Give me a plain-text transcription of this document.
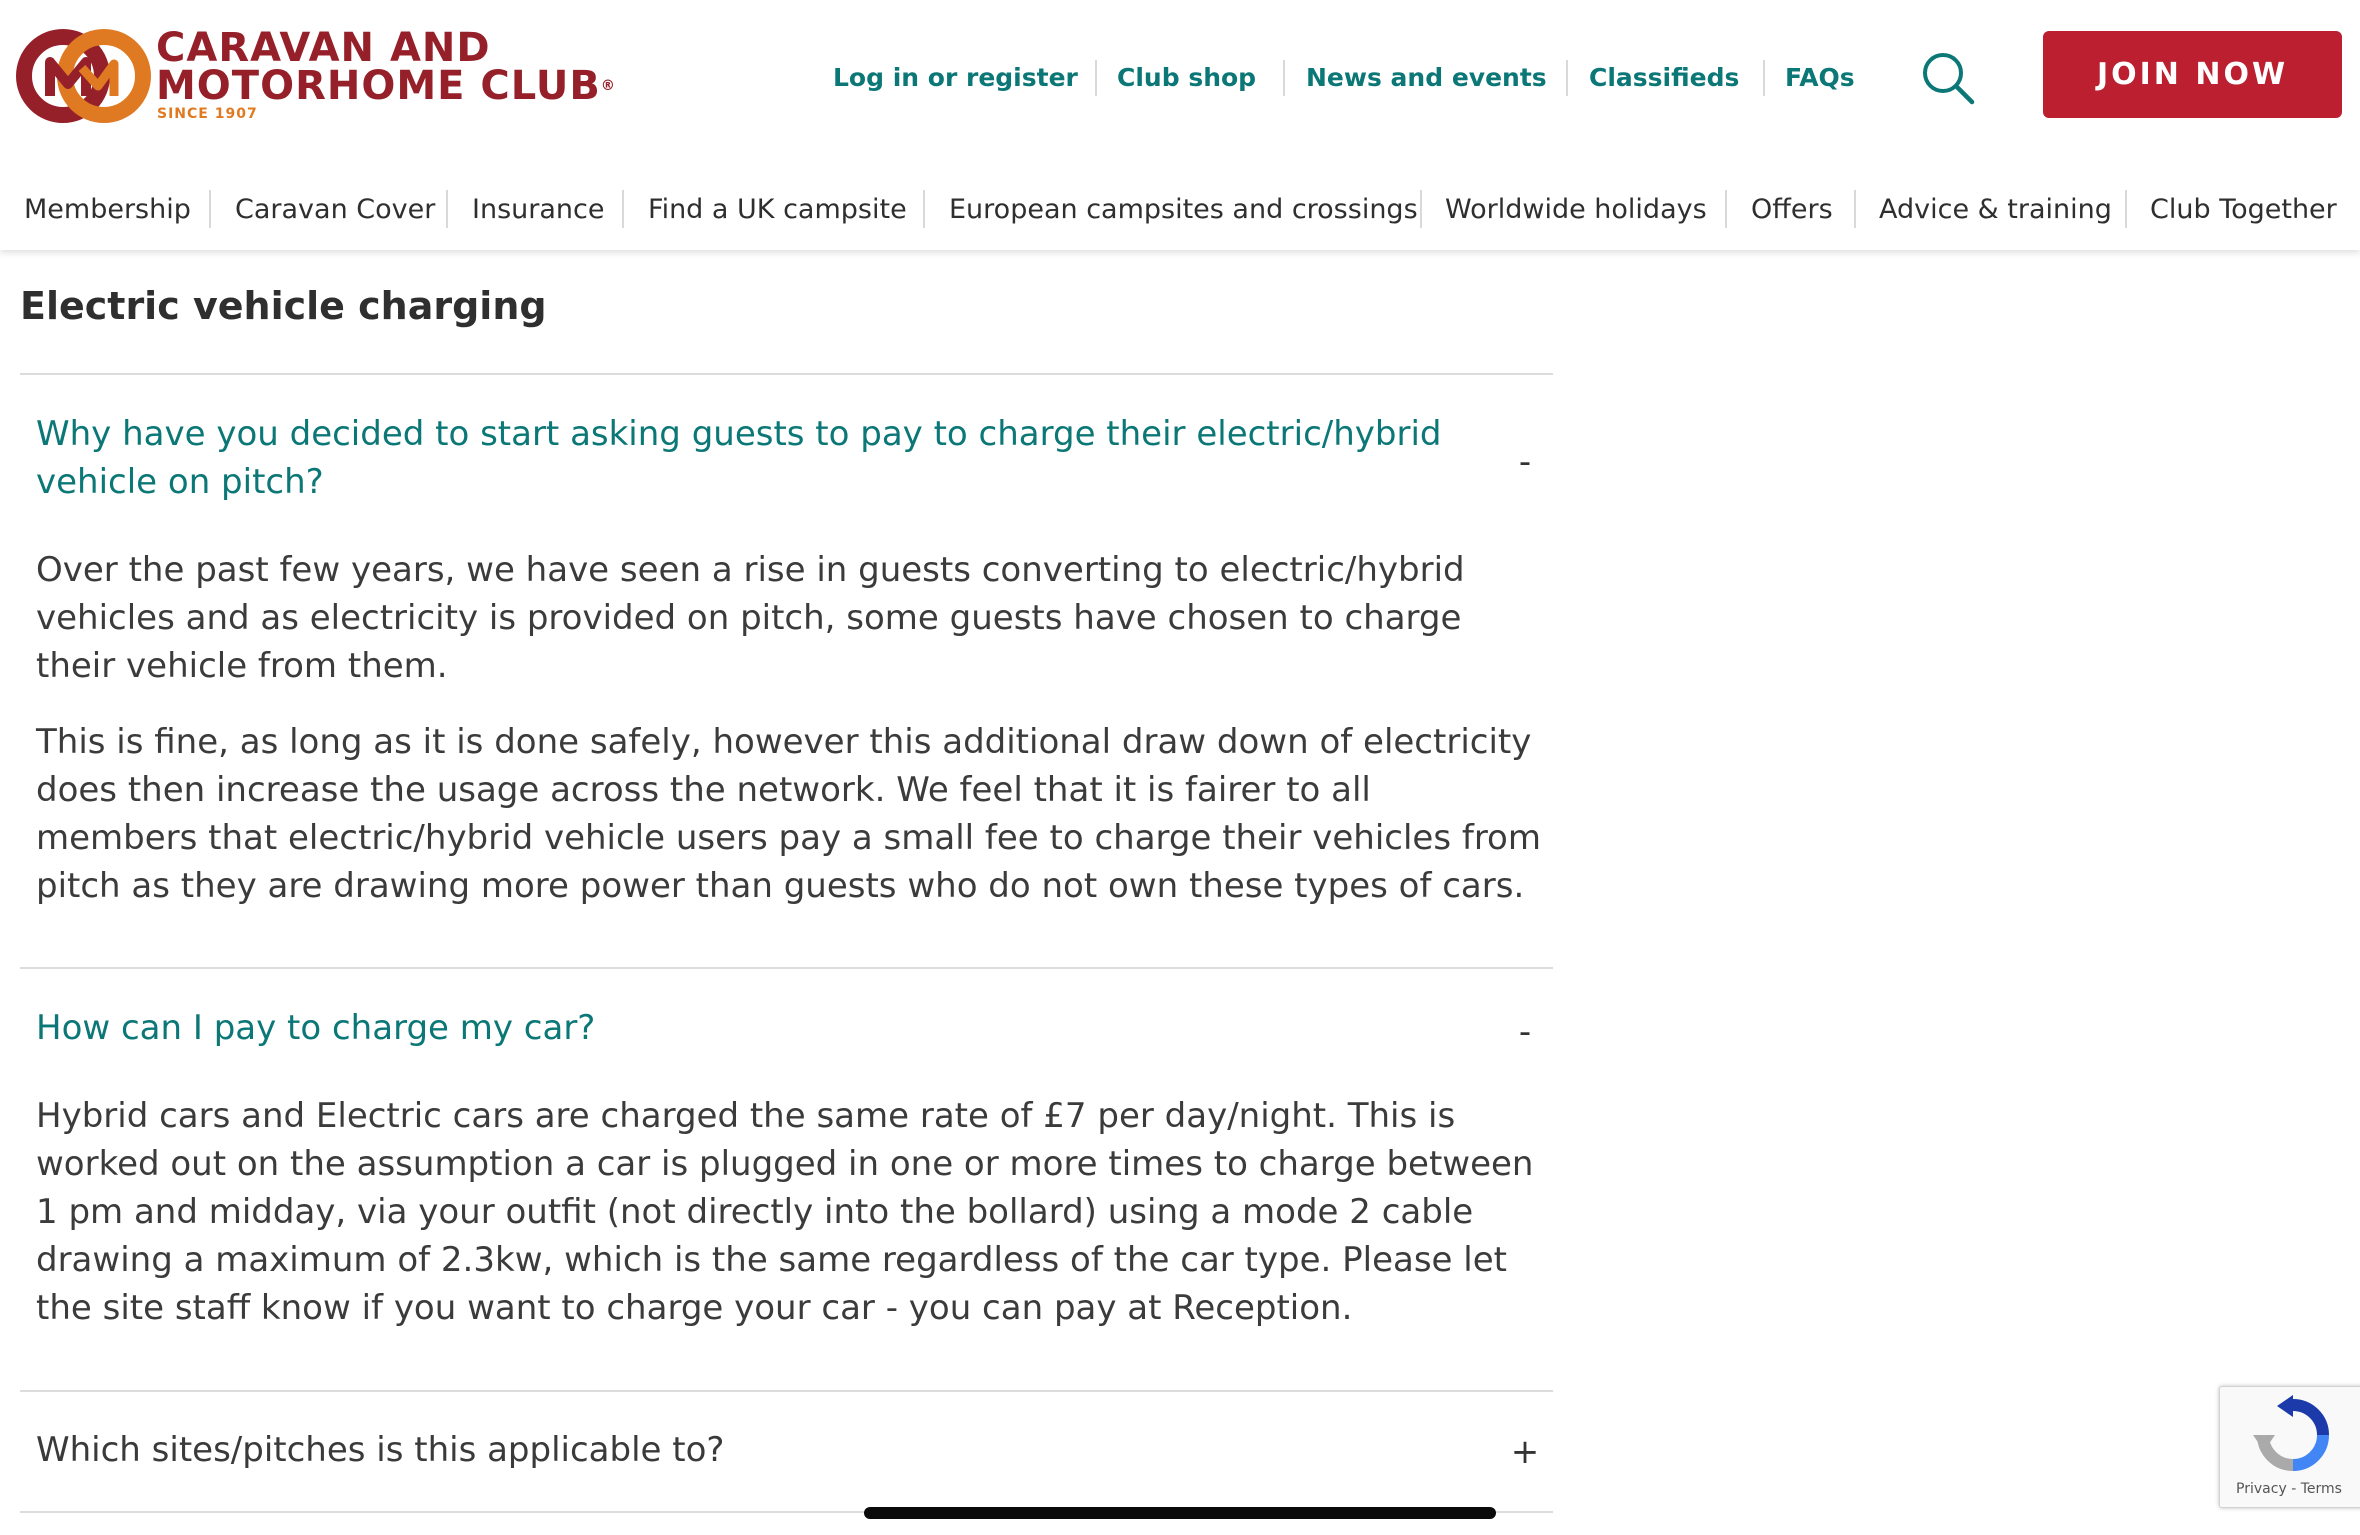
CARAVAN AND
MOTORHOME CLUB®
SINCE 1907
Log in or register Club shop News and events Classifieds FAQs	JOIN NOW
Membership Caravan Cover Insurance Find a UK campsite European campsites and crossings Worldwide holidays Offers Advice & training Club Together
Electric vehicle charging
Why have you decided to start asking guests to pay to charge their electric/hybrid vehicle on pitch?	-

Over the past few years, we have seen a rise in guests converting to electric/hybrid vehicles and as electricity is provided on pitch, some guests have chosen to charge their vehicle from them.

This is fine, as long as it is done safely, however this additional draw down of electricity does then increase the usage across the network. We feel that it is fairer to all members that electric/hybrid vehicle users pay a small fee to charge their vehicles from pitch as they are drawing more power than guests who do not own these types of cars.

How can I pay to charge my car?	-

Hybrid cars and Electric cars are charged the same rate of £7 per day/night. This is worked out on the assumption a car is plugged in one or more times to charge between 1 pm and midday, via your outfit (not directly into the bollard) using a mode 2 cable drawing a maximum of 2.3kw, which is the same regardless of the car type. Please let the site staff know if you want to charge your car - you can pay at Reception.

Which sites/pitches is this applicable to?	+
Privacy - Terms
